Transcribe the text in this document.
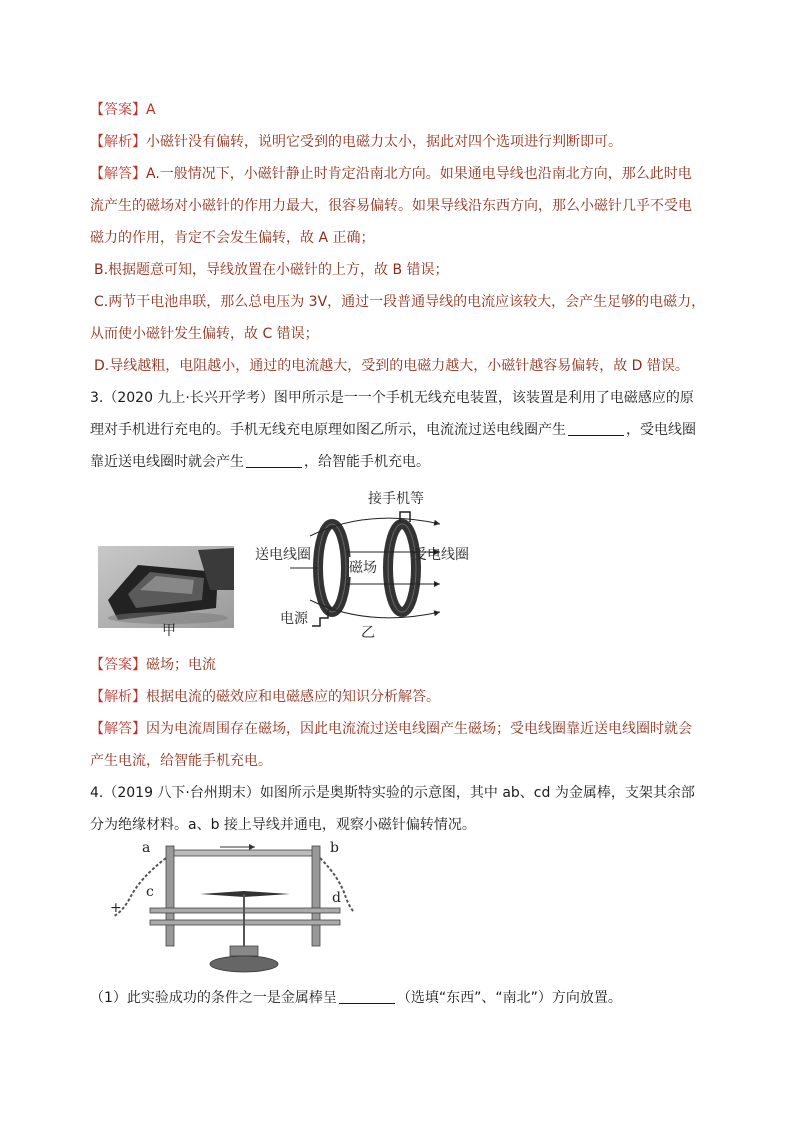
【答案】A
【解析】小磁针没有偏转，说明它受到的电磁力太小，据此对四个选项进行判断即可。
【解答】A.一般情况下，小磁针静止时肯定沿南北方向。如果通电导线也沿南北方向，那么此时电
流产生的磁场对小磁针的作用力最大，很容易偏转。如果导线沿东西方向，那么小磁针几乎不受电
磁力的作用，肯定不会发生偏转，故 A 正确；
B.根据题意可知，导线放置在小磁针的上方，故 B 错误；
C.两节干电池串联，那么总电压为 3V，通过一段普通导线的电流应该较大，会产生足够的电磁力，
从而使小磁针发生偏转，故 C 错误；
D.导线越粗，电阻越小，通过的电流越大，受到的电磁力越大，小磁针越容易偏转，故 D 错误。
3.（2020 九上·长兴开学考）图甲所示是一一个手机无线充电装置，该装置是利用了电磁感应的原
理对手机进行充电的。手机无线充电原理如图乙所示，电流流过送电线圈产生	，受电线圈
靠近送电线圈时就会产生	，给智能手机充电。
甲
送电线圈	受电线圈
磁场
电源
接手机等
乙
【答案】磁场；电流
【解析】根据电流的磁效应和电磁感应的知识分析解答。
【解答】因为电流周围存在磁场，因此电流流过送电线圈产生磁场；受电线圈靠近送电线圈时就会
产生电流，给智能手机充电。
4.（2019 八下·台州期末）如图所示是奥斯特实验的示意图，其中 ab、cd 为金属棒，支架其余部
分为绝缘材料。a、b 接上导线并通电，观察小磁针偏转情况。
a	b
c	d
+
（1）此实验成功的条件之一是金属棒呈	（选填“东西”、“南北”）方向放置。
